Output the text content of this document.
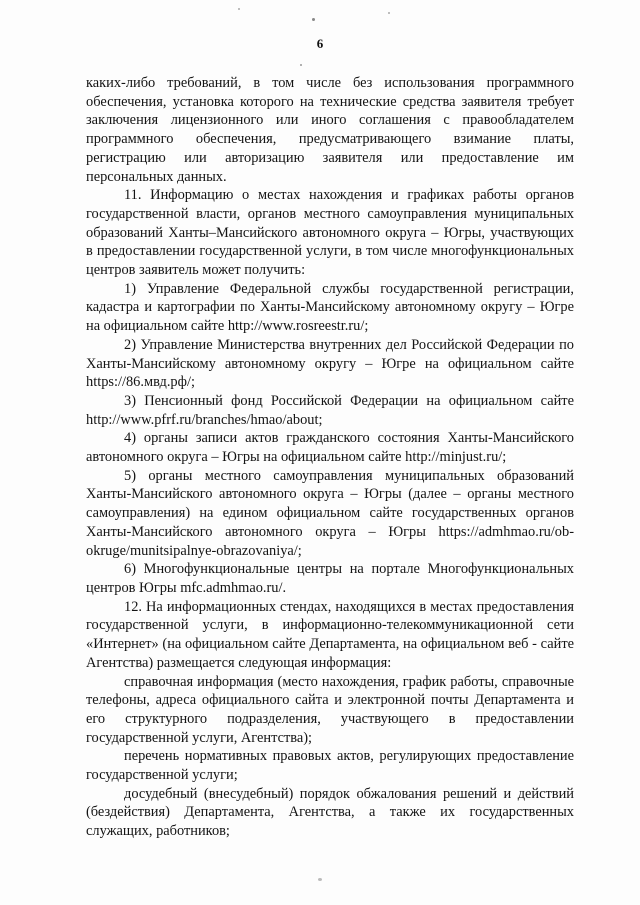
6

каких-либо требований, в том числе без использования программного обеспечения, установка которого на технические средства заявителя требует заключения лицензионного или иного соглашения с правообладателем программного обеспечения, предусматривающего взимание платы, регистрацию или авторизацию заявителя или предоставление им персональных данных.

11. Информацию о местах нахождения и графиках работы органов государственной власти, органов местного самоуправления муниципальных образований Ханты–Мансийского автономного округа – Югры, участвующих в предоставлении государственной услуги, в том числе многофункциональных центров заявитель может получить:

1) Управление Федеральной службы государственной регистрации, кадастра и картографии по Ханты-Мансийскому автономному округу – Югре на официальном сайте http://www.rosreestr.ru/;

2) Управление Министерства внутренних дел Российской Федерации по Ханты-Мансийскому автономному округу – Югре на официальном сайте https://86.мвд.рф/;

3) Пенсионный фонд Российской Федерации на официальном сайте http://www.pfrf.ru/branches/hmao/about;

4) органы записи актов гражданского состояния Ханты-Мансийского автономного округа – Югры на официальном сайте http://minjust.ru/;

5) органы местного самоуправления муниципальных образований Ханты-Мансийского автономного округа – Югры (далее – органы местного самоуправления) на едином официальном сайте государственных органов Ханты-Мансийского автономного округа – Югры https://admhmao.ru/ob-okruge/munitsipalnye-obrazovaniya/;

6) Многофункциональные центры на портале Многофункциональных центров Югры mfc.admhmao.ru/.

12. На информационных стендах, находящихся в местах предоставления государственной услуги, в информационно-телекоммуникационной сети «Интернет» (на официальном сайте Департамента, на официальном веб - сайте Агентства) размещается следующая информация:

справочная информация (место нахождения, график работы, справочные телефоны, адреса официального сайта и электронной почты Департамента и его структурного подразделения, участвующего в предоставлении государственной услуги, Агентства);

перечень нормативных правовых актов, регулирующих предоставление государственной услуги;

досудебный (внесудебный) порядок обжалования решений и действий (бездействия) Департамента, Агентства, а также их государственных служащих, работников;
